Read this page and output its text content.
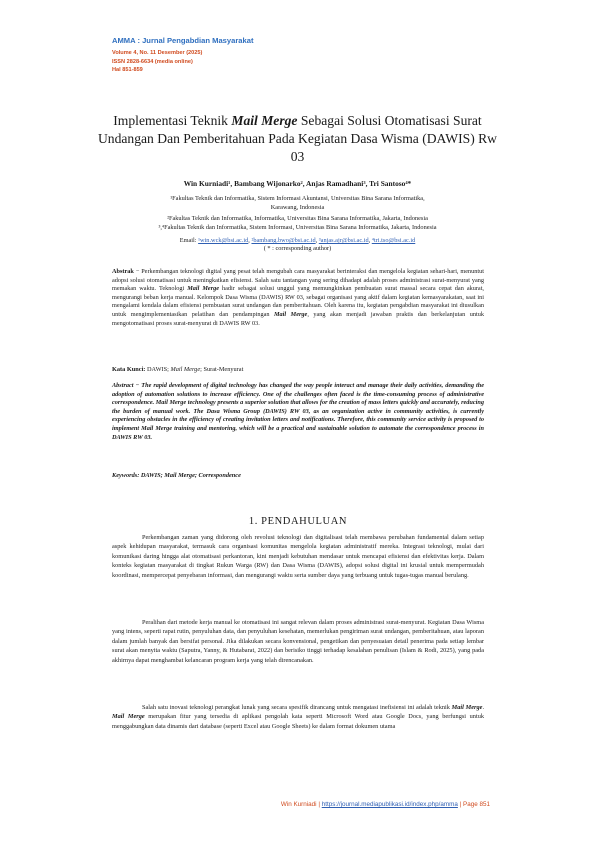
AMMA : Jurnal Pengabdian Masyarakat
Volume 4, No. 11 Desember (2025)
ISSN 2828-6634 (media online)
Hal 851-859
Implementasi Teknik Mail Merge Sebagai Solusi Otomatisasi Surat Undangan Dan Pemberitahuan Pada Kegiatan Dasa Wisma (DAWIS) Rw 03
Win Kurniadi¹, Bambang Wijonarko², Anjas Ramadhani³, Tri Santoso⁴*
¹Fakultas Teknik dan Informatika, Sistem Informasi Akuntansi, Universitas Bina Sarana Informatika,
Karawang, Indonesia
²Fakultas Teknik dan Informatika, Informatika, Universitas Bina Sarana Informatika, Jakarta, Indonesia
³,⁴Fakultas Teknik dan Informatika, Sistem Informasi, Universitas Bina Sarana Informatika, Jakarta, Indonesia
Email: ¹win.wck@bsi.ac.id, ²bambang.bwo@bsi.ac.id, ³anjas.ajr@bsi.ac.id, ⁴tri.tso@bsi.ac.id
( * : corresponding author)
Abstrak − Perkembangan teknologi digital yang pesat telah mengubah cara masyarakat berinteraksi dan mengelola kegiatan sehari-hari, menuntut adopsi solusi otomatisasi untuk meningkatkan efisiensi. Salah satu tantangan yang sering dihadapi adalah proses administrasi surat-menyurat yang memakan waktu. Teknologi Mail Merge hadir sebagai solusi unggul yang memungkinkan pembuatan surat massal secara cepat dan akurat, mengurangi beban kerja manual. Kelompok Dasa Wisma (DAWIS) RW 03, sebagai organisasi yang aktif dalam kegiatan kemasyarakatan, saat ini mengalami kendala dalam efisiensi pembuatan surat undangan dan pemberitahuan. Oleh karena itu, kegiatan pengabdian masyarakat ini diusulkan untuk mengimplementasikan pelatihan dan pendampingan Mail Merge, yang akan menjadi jawaban praktis dan berkelanjutan untuk mengotomatisasi proses surat-menyurat di DAWIS RW 03.
Kata Kunci: DAWIS; Mail Merge; Surat-Menyurat
Abstract − The rapid development of digital technology has changed the way people interact and manage their daily activities, demanding the adoption of automation solutions to increase efficiency. One of the challenges often faced is the time-consuming process of administrative correspondence. Mail Merge technology presents a superior solution that allows for the creation of mass letters quickly and accurately, reducing the burden of manual work. The Dasa Wisma Group (DAWIS) RW 03, as an organization active in community activities, is currently experiencing obstacles in the efficiency of creating invitation letters and notifications. Therefore, this community service activity is proposed to implement Mail Merge training and mentoring, which will be a practical and sustainable solution to automate the correspondence process in DAWIS RW 03.
Keywords: DAWIS; Mail Merge; Correspondence
1. PENDAHULUAN
Perkembangan zaman yang didorong oleh revolusi teknologi dan digitalisasi telah membawa perubahan fundamental dalam setiap aspek kehidupan masyarakat, termasuk cara organisasi komunitas mengelola kegiatan administratif mereka. Integrasi teknologi, mulai dari komunikasi daring hingga alat otomatisasi perkantoran, kini menjadi kebutuhan mendasar untuk mencapai efisiensi dan efektivitas kerja. Dalam konteks kegiatan masyarakat di tingkat Rukun Warga (RW) dan Dasa Wisma (DAWIS), adopsi solusi digital ini krusial untuk mempermudah koordinasi, mempercepat penyebaran informasi, dan mengurangi waktu serta sumber daya yang terbuang untuk tugas-tugas manual berulang.
Peralihan dari metode kerja manual ke otomatisasi ini sangat relevan dalam proses administrasi surat-menyurat. Kegiatan Dasa Wisma yang intens, seperti rapat rutin, penyuluhan data, dan penyuluhan kesehatan, memerlukan pengiriman surat undangan, pemberitahuan, atau laporan dalam jumlah banyak dan bersifat personal. Jika dilakukan secara konvensional, pengetikan dan penyesuaian detail penerima pada setiap lembar surat akan menyita waktu (Saputra, Yanny, & Hutabarat, 2022) dan berisiko tinggi terhadap kesalahan penulisan (Islam & Rodi, 2025), yang pada akhirnya dapat menghambat kelancaran program kerja yang telah direncanakan.
Salah satu inovasi teknologi perangkat lunak yang secara spesifik dirancang untuk mengatasi inefisiensi ini adalah teknik Mail Merge. Mail Merge merupakan fitur yang tersedia di aplikasi pengolah kata seperti Microsoft Word atau Google Docs, yang berfungsi untuk menggabungkan data dinamis dari database (seperti Excel atau Google Sheets) ke dalam format dokumen utama
Win Kurniadi | https://journal.mediapublikasi.id/index.php/amma | Page 851
